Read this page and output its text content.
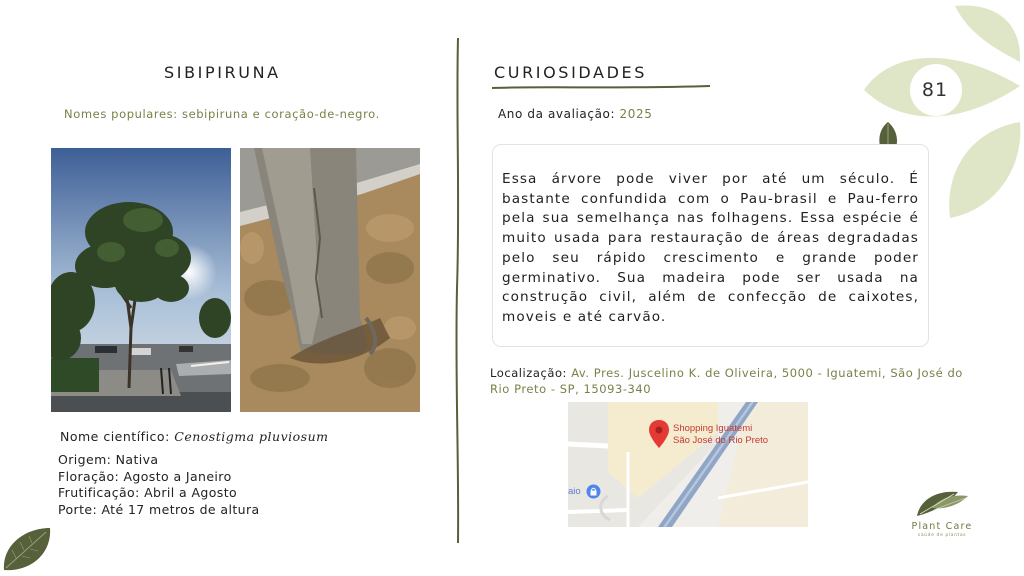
81
SIBIPIRUNA
Nomes populares: sebipiruna e coração-de-negro.
Nome científico: Cenostigma pluviosum
Origem: Nativa
Floração: Agosto a Janeiro
Frutificação: Abril a Agosto
Porte: Até 17 metros de altura
CURIOSIDADES
Ano da avaliação: 2025
Essa árvore pode viver por até um século. É bastante confundida com o Pau-brasil e Pau-ferro pela sua semelhança nas folhagens. Essa espécie é muito usada para restauração de áreas degradadas pelo seu rápido crescimento e grande poder germinativo. Sua madeira pode ser usada na construção civil, além de confecção de caixotes, moveis e até carvão.
Localização: Av. Pres. Juscelino K. de Oliveira, 5000 - Iguatemi, São José do Rio Preto - SP, 15093-340
Shopping Iguatemi
São José do Rio Preto
aio
Plant Care
saúde de plantas
